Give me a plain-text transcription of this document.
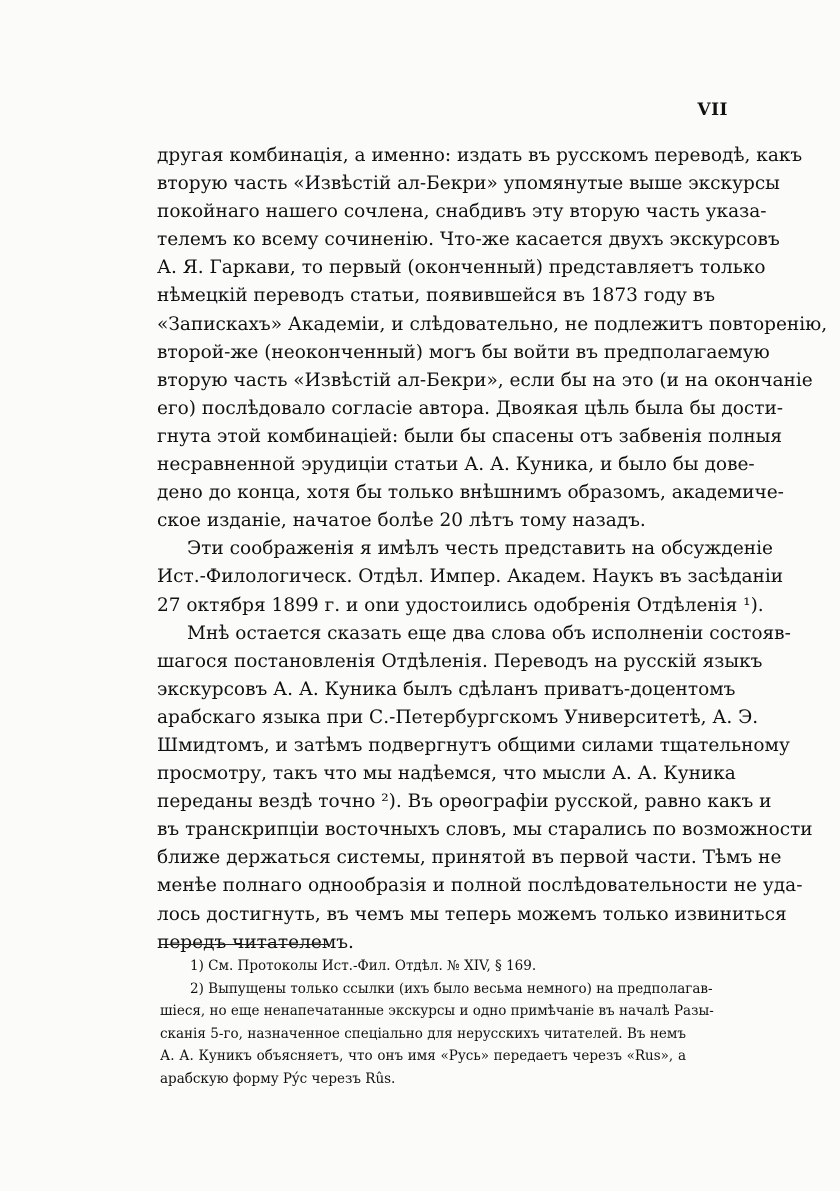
VII

другая комбинація, а именно: издать въ русскомъ переводѣ, какъ
вторую часть «Извѣстій ал-Бекри» упомянутые выше экскурсы
покойнаго нашего сочлена, снабдивъ эту вторую часть указа-
телемъ ко всему сочиненію. Что-же касается двухъ экскурсовъ
А. Я. Гаркави, то первый (оконченный) представляетъ только
нѣмецкій переводъ статьи, появившейся въ 1873 году въ
«Запискахъ» Академіи, и слѣдовательно, не подлежитъ повторенію,
второй-же (неоконченный) могъ бы войти въ предполагаемую
вторую часть «Извѣстій ал-Бекри», если бы на это (и на окончаніе
его) послѣдовало согласіе автора. Двоякая цѣль была бы дости-
гнута этой комбинаціей: были бы спасены отъ забвенія полныя
несравненной эрудиціи статьи А. А. Куника, и было бы дове-
дено до конца, хотя бы только внѣшнимъ образомъ, академиче-
ское изданіе, начатое болѣе 20 лѣтъ тому назадъ.

Эти соображенія я имѣлъ честь представить на обсужденіе
Ист.-Филологическ. Отдѣл. Импер. Академ. Наукъ въ засѣданіи
27 октября 1899 г. и оnи удостоились одобренія Отдѣленія ¹).

Мнѣ остается сказать еще два слова объ исполненіи состояв-
шагося постановленія Отдѣленія. Переводъ на русскій языкъ
экскурсовъ А. А. Куника былъ сдѣланъ приватъ-доцентомъ
арабскаго языка при С.-Петербургскомъ Университетѣ, А. Э.
Шмидтомъ, и затѣмъ подвергнутъ общими силами тщательному
просмотру, такъ что мы надѣемся, что мысли А. А. Куника
переданы вездѣ точно ²). Въ орѳографіи русской, равно какъ и
въ транскрипціи восточныхъ словъ, мы старались по возможности
ближе держаться системы, принятой въ первой части. Тѣмъ не
менѣе полнаго однообразія и полной послѣдовательности не уда-
лось достигнуть, въ чемъ мы теперь можемъ только извиниться
передъ читателемъ.

1) См. Протоколы Ист.-Фил. Отдѣл. № XIV, § 169.
2) Выпущены только ссылки (ихъ было весьма немного) на предполагав-
шіеся, но еще ненапечатанные экскурсы и одно примѣчаніе въ началѣ Разы-
сканія 5-го, назначенное спеціально для нерусскихъ читателей. Въ немъ
А. А. Куникъ объясняетъ, что онъ имя «Русь» передаетъ черезъ «Rus», а
арабскую форму Рýс черезъ Rûs.
